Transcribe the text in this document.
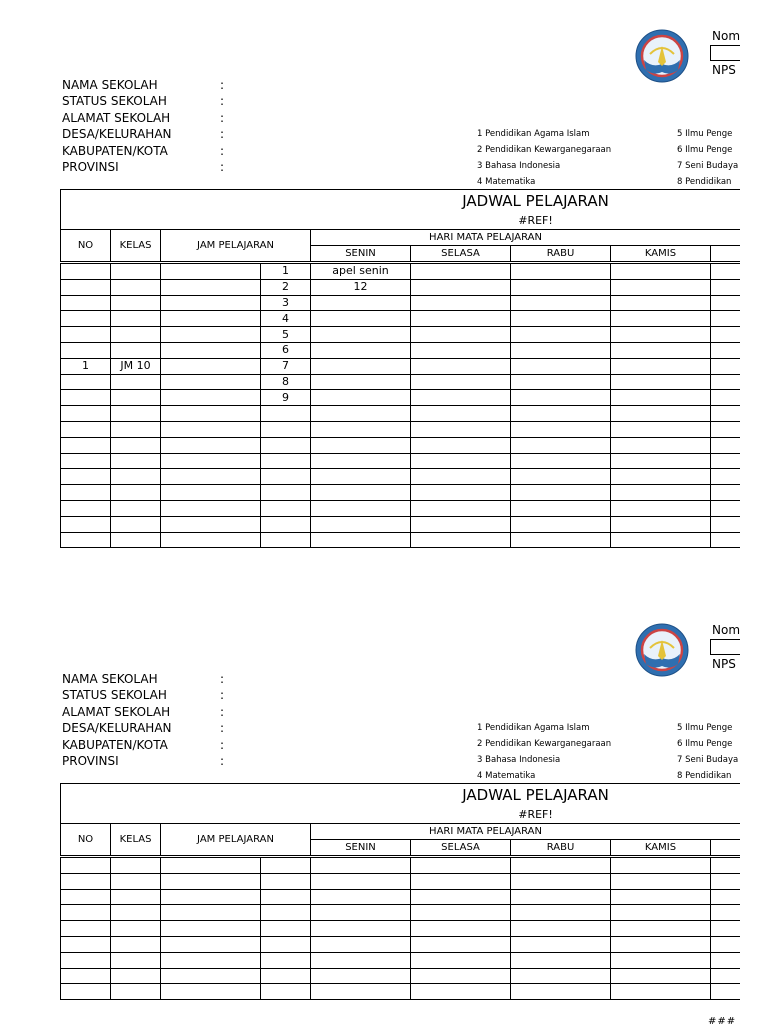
Nom
NPS
NAMA SEKOLAH	:
STATUS SEKOLAH	:
ALAMAT SEKOLAH	:
DESA/KELURAHAN	:
KABUPATEN/KOTA	:
PROVINSI	:
1 Pendidikan Agama Islam
2 Pendidikan Kewarganegaraan
3 Bahasa Indonesia
4 Matematika
5 Ilmu Penge
6 Ilmu Penge
7 Seni Budaya
8 Pendidikan
JADWAL PELAJARAN								
#REF!								
NO	KELAS	JAM PELAJARAN		HARI MATA PELAJARAN				
				SENIN	SELASA	RABU	KAMIS	
			1	apel senin				
			2	12				
			3					
			4					
			5					
			6					
1	JM 10		7					
			8					
			9					

Nom
NPS
NAMA SEKOLAH	:
STATUS SEKOLAH	:
ALAMAT SEKOLAH	:
DESA/KELURAHAN	:
KABUPATEN/KOTA	:
PROVINSI	:
1 Pendidikan Agama Islam
2 Pendidikan Kewarganegaraan
3 Bahasa Indonesia
4 Matematika
5 Ilmu Penge
6 Ilmu Penge
7 Seni Budaya
8 Pendidikan
JADWAL PELAJARAN								
#REF!								
NO	KELAS	JAM PELAJARAN		HARI MATA PELAJARAN				
				SENIN	SELASA	RABU	KAMIS	

###
